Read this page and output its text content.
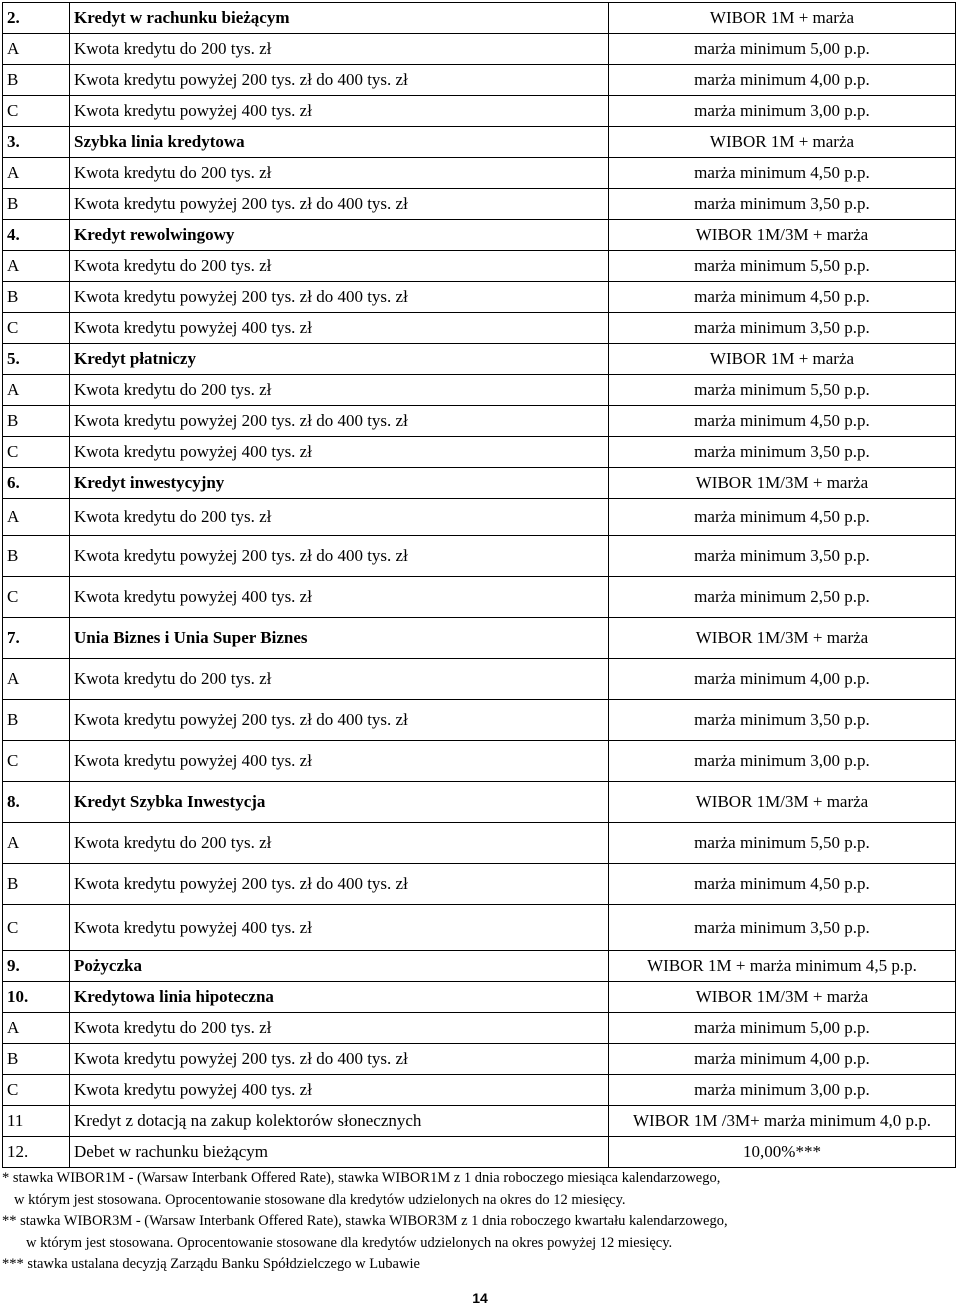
2.	Kredyt w rachunku bieżącym	WIBOR 1M + marża
A	Kwota kredytu do 200 tys. zł	marża minimum 5,00 p.p.
B	Kwota kredytu powyżej 200 tys. zł do 400 tys. zł	marża minimum 4,00 p.p.
C	Kwota kredytu powyżej 400 tys. zł	marża minimum 3,00 p.p.
3.	Szybka linia kredytowa	WIBOR 1M + marża
A	Kwota kredytu do 200 tys. zł	marża minimum 4,50 p.p.
B	Kwota kredytu powyżej 200 tys. zł do 400 tys. zł	marża minimum 3,50 p.p.
4.	Kredyt rewolwingowy	WIBOR 1M/3M + marża
A	Kwota kredytu do 200 tys. zł	marża minimum 5,50 p.p.
B	Kwota kredytu powyżej 200 tys. zł do 400 tys. zł	marża minimum 4,50 p.p.
C	Kwota kredytu powyżej 400 tys. zł	marża minimum 3,50 p.p.
5.	Kredyt płatniczy	WIBOR 1M + marża
A	Kwota kredytu do 200 tys. zł	marża minimum 5,50 p.p.
B	Kwota kredytu powyżej 200 tys. zł do 400 tys. zł	marża minimum 4,50 p.p.
C	Kwota kredytu powyżej 400 tys. zł	marża minimum 3,50 p.p.
6.	Kredyt inwestycyjny	WIBOR 1M/3M + marża
A	Kwota kredytu do 200 tys. zł	marża minimum 4,50 p.p.
B	Kwota kredytu powyżej 200 tys. zł do 400 tys. zł	marża minimum 3,50 p.p.
C	Kwota kredytu powyżej 400 tys. zł	marża minimum 2,50 p.p.
7.	Unia Biznes i Unia Super Biznes	WIBOR 1M/3M + marża
A	Kwota kredytu do 200 tys. zł	marża minimum 4,00 p.p.
B	Kwota kredytu powyżej 200 tys. zł do 400 tys. zł	marża minimum 3,50 p.p.
C	Kwota kredytu powyżej 400 tys. zł	marża minimum 3,00 p.p.
8.	Kredyt Szybka Inwestycja	WIBOR 1M/3M + marża
A	Kwota kredytu do 200 tys. zł	marża minimum 5,50 p.p.
B	Kwota kredytu powyżej 200 tys. zł do 400 tys. zł	marża minimum 4,50 p.p.
C	Kwota kredytu powyżej 400 tys. zł	marża minimum 3,50 p.p.
9.	Pożyczka	WIBOR 1M + marża minimum 4,5 p.p.
10.	Kredytowa linia hipoteczna	WIBOR 1M/3M + marża
A	Kwota kredytu do 200 tys. zł	marża minimum 5,00 p.p.
B	Kwota kredytu powyżej 200 tys. zł do 400 tys. zł	marża minimum 4,00 p.p.
C	Kwota kredytu powyżej 400 tys. zł	marża minimum 3,00 p.p.
11	Kredyt z dotacją na zakup kolektorów słonecznych	WIBOR 1M /3M+ marża minimum 4,0 p.p.
12.	Debet w rachunku bieżącym	10,00%***

* stawka WIBOR1M - (Warsaw Interbank Offered Rate), stawka WIBOR1M z 1 dnia roboczego miesiąca kalendarzowego,

w którym jest stosowana. Oprocentowanie stosowane dla kredytów udzielonych na okres do 12 miesięcy.

** stawka WIBOR3M - (Warsaw Interbank Offered Rate), stawka WIBOR3M z 1 dnia roboczego kwartału kalendarzowego,

w którym jest stosowana. Oprocentowanie stosowane dla kredytów udzielonych na okres powyżej 12 miesięcy.

*** stawka ustalana decyzją Zarządu Banku Spółdzielczego w Lubawie

14
